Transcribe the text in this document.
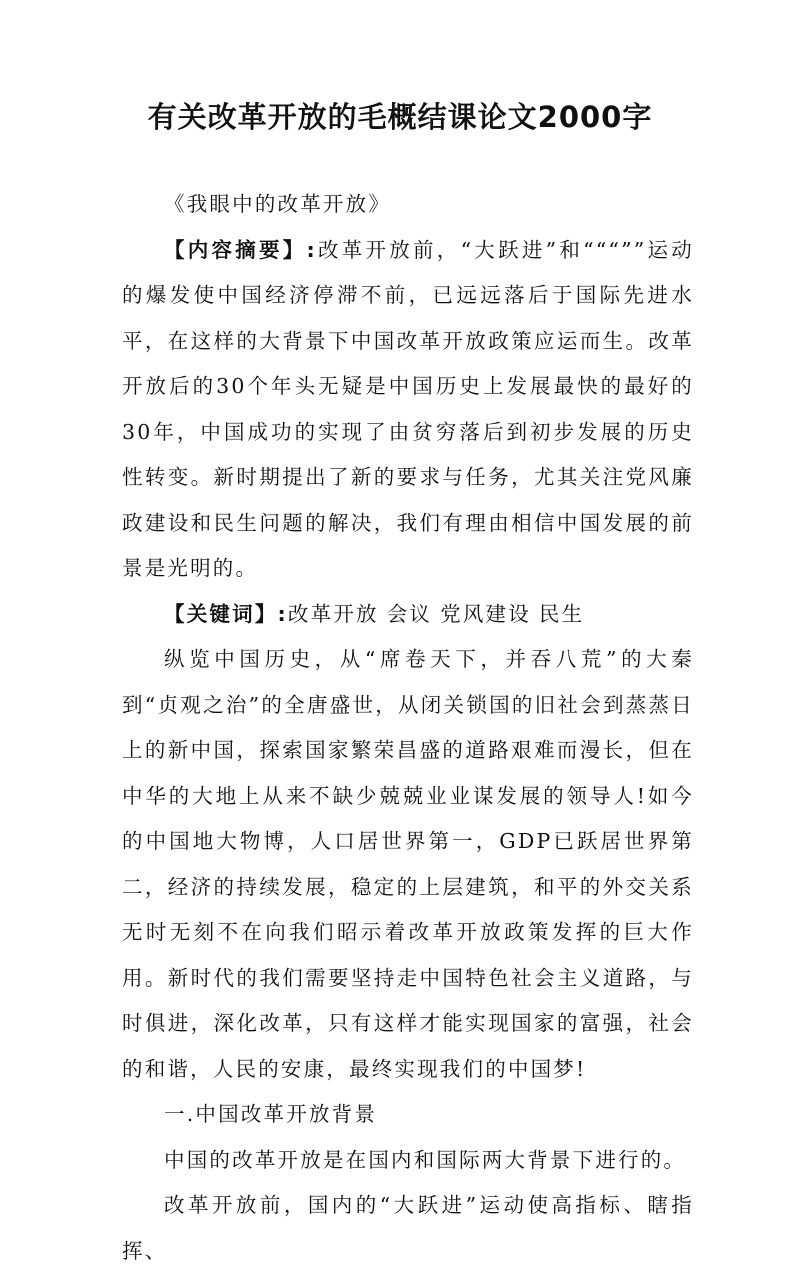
有关改革开放的毛概结课论文2000字

《我眼中的改革开放》

【内容摘要】:改革开放前，“大跃进”和“““””运动的爆发使中国经济停滞不前，已远远落后于国际先进水平，在这样的大背景下中国改革开放政策应运而生。改革开放后的30个年头无疑是中国历史上发展最快的最好的30年，中国成功的实现了由贫穷落后到初步发展的历史性转变。新时期提出了新的要求与任务，尤其关注党风廉政建设和民生问题的解决，我们有理由相信中国发展的前景是光明的。

【关键词】:改革开放 会议 党风建设 民生

纵览中国历史，从“席卷天下，并吞八荒”的大秦到“贞观之治”的全唐盛世，从闭关锁国的旧社会到蒸蒸日上的新中国，探索国家繁荣昌盛的道路艰难而漫长，但在中华的大地上从来不缺少兢兢业业谋发展的领导人!如今的中国地大物博，人口居世界第一，GDP已跃居世界第二，经济的持续发展，稳定的上层建筑，和平的外交关系无时无刻不在向我们昭示着改革开放政策发挥的巨大作用。新时代的我们需要坚持走中国特色社会主义道路，与时俱进，深化改革，只有这样才能实现国家的富强，社会的和谐，人民的安康，最终实现我们的中国梦!

一.中国改革开放背景

中国的改革开放是在国内和国际两大背景下进行的。

改革开放前，国内的“大跃进”运动使高指标、瞎指挥、
